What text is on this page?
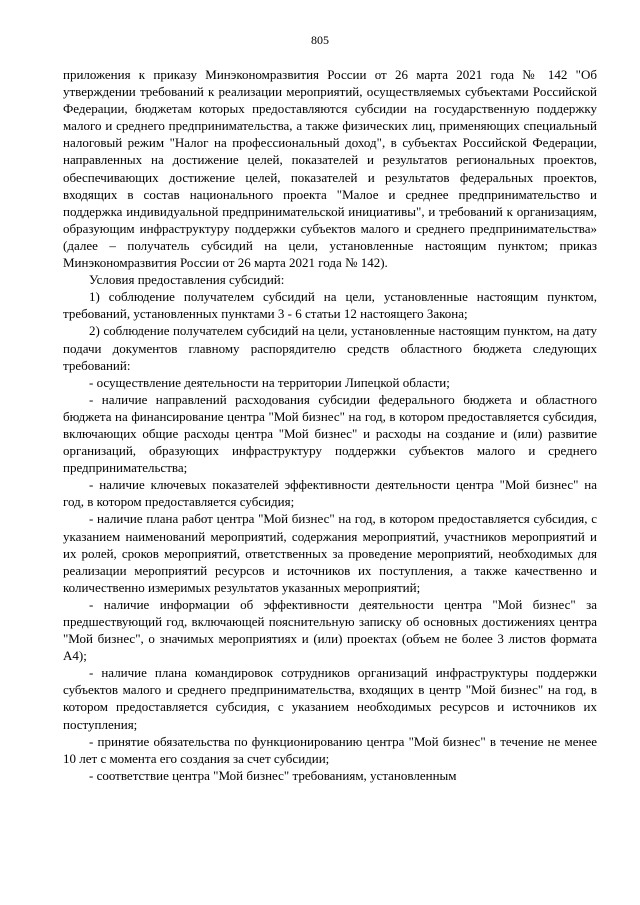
805

приложения к приказу Минэкономразвития России от 26 марта 2021 года № 142 "Об утверждении требований к реализации мероприятий, осуществляемых субъектами Российской Федерации, бюджетам которых предоставляются субсидии на государственную поддержку малого и среднего предпринимательства, а также физических лиц, применяющих специальный налоговый режим "Налог на профессиональный доход", в субъектах Российской Федерации, направленных на достижение целей, показателей и результатов региональных проектов, обеспечивающих достижение целей, показателей и результатов федеральных проектов, входящих в состав национального проекта "Малое и среднее предпринимательство и поддержка индивидуальной предпринимательской инициативы", и требований к организациям, образующим инфраструктуру поддержки субъектов малого и среднего предпринимательства» (далее – получатель субсидий на цели, установленные настоящим пунктом; приказ Минэкономразвития России от 26 марта 2021 года № 142).

Условия предоставления субсидий:

1) соблюдение получателем субсидий на цели, установленные настоящим пунктом, требований, установленных пунктами 3 - 6 статьи 12 настоящего Закона;

2) соблюдение получателем субсидий на цели, установленные настоящим пунктом, на дату подачи документов главному распорядителю средств областного бюджета следующих требований:

- осуществление деятельности на территории Липецкой области;

- наличие направлений расходования субсидии федерального бюджета и областного бюджета на финансирование центра "Мой бизнес" на год, в котором предоставляется субсидия, включающих общие расходы центра "Мой бизнес" и расходы на создание и (или) развитие организаций, образующих инфраструктуру поддержки субъектов малого и среднего предпринимательства;

- наличие ключевых показателей эффективности деятельности центра "Мой бизнес" на год, в котором предоставляется субсидия;

- наличие плана работ центра "Мой бизнес" на год, в котором предоставляется субсидия, с указанием наименований мероприятий, содержания мероприятий, участников мероприятий и их ролей, сроков мероприятий, ответственных за проведение мероприятий, необходимых для реализации мероприятий ресурсов и источников их поступления, а также качественно и количественно измеримых результатов указанных мероприятий;

- наличие информации об эффективности деятельности центра "Мой бизнес" за предшествующий год, включающей пояснительную записку об основных достижениях центра "Мой бизнес", о значимых мероприятиях и (или) проектах (объем не более 3 листов формата А4);

- наличие плана командировок сотрудников организаций инфраструктуры поддержки субъектов малого и среднего предпринимательства, входящих в центр "Мой бизнес" на год, в котором предоставляется субсидия, с указанием необходимых ресурсов и источников их поступления;

- принятие обязательства по функционированию центра "Мой бизнес" в течение не менее 10 лет с момента его создания за счет субсидии;

- соответствие центра "Мой бизнес" требованиям, установленным
